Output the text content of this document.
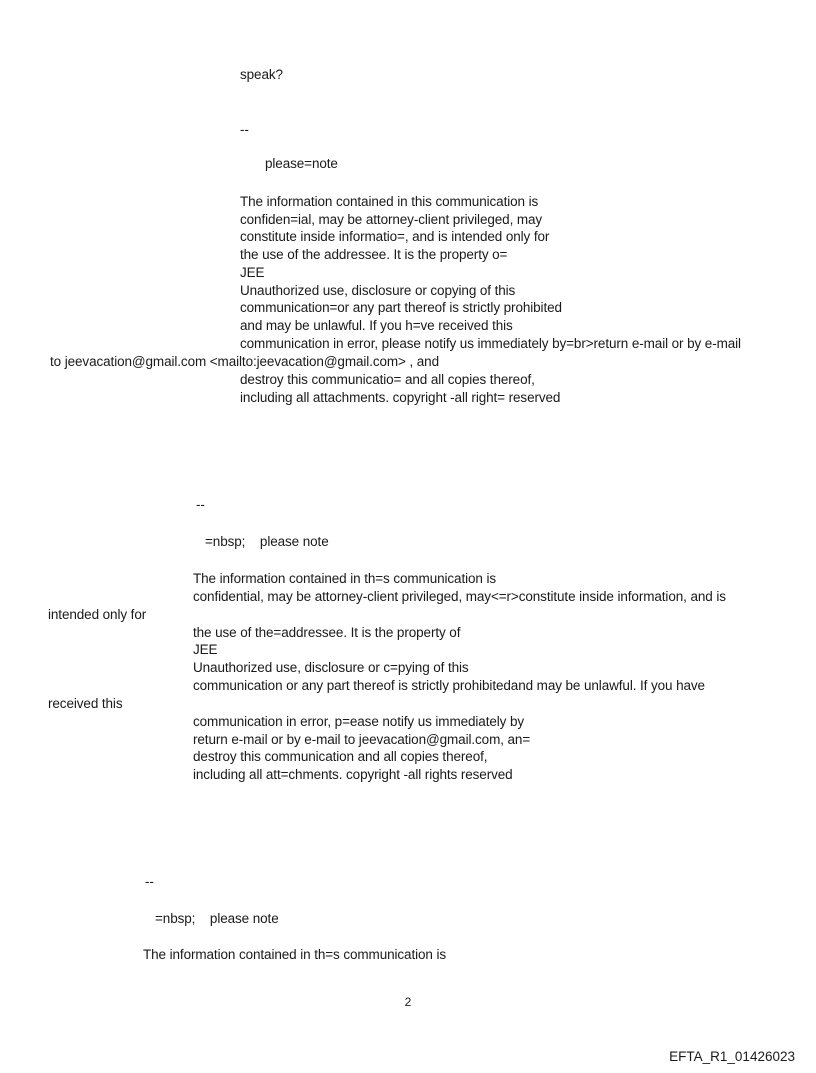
speak?
--
please=note
The information contained in this communication is
confiden=ial, may be attorney-client privileged, may
constitute inside informatio=, and is intended only for
the use of the addressee. It is the property o=
JEE
Unauthorized use, disclosure or copying of this
communication=or any part thereof is strictly prohibited
and may be unlawful. If you h=ve received this
communication in error, please notify us immediately by=br>return e-mail or by e-mail
to jeevacation@gmail.com <mailto:jeevacation@gmail.com> , and
destroy this communicatio= and all copies thereof,
including all attachments. copyright -all right= reserved
--
=nbsp;    please note
The information contained in th=s communication is
confidential, may be attorney-client privileged, may<=r>constitute inside information, and is
intended only for
the use of the=addressee. It is the property of
JEE
Unauthorized use, disclosure or c=pying of this
communication or any part thereof is strictly prohibitedand may be unlawful. If you have
received this
communication in error, p=ease notify us immediately by
return e-mail or by e-mail to jeevacation@gmail.com, an=
destroy this communication and all copies thereof,
including all att=chments. copyright -all rights reserved
--
=nbsp;    please note
The information contained in th=s communication is
2
EFTA_R1_01426023
